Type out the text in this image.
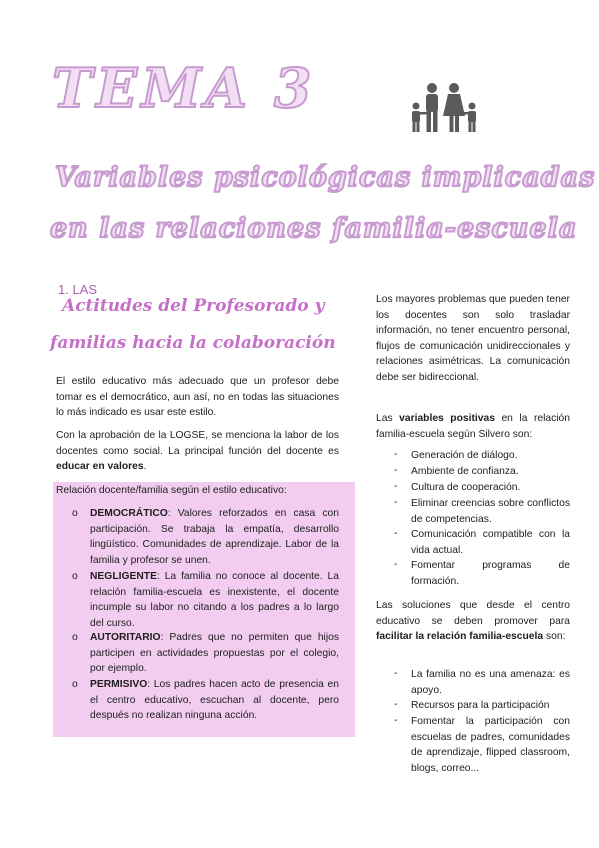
TEMA 3
Variables psicológicas implicadas
en las relaciones familia-escuela
1. LAS
Actitudes del Profesorado y
familias hacia la colaboración
El estilo educativo más adecuado que un profesor debe tomar es el democrático, aun así, no en todas las situaciones lo más indicado es usar este estilo.
Con la aprobación de la LOGSE, se menciona la labor de los docentes como social. La principal función del docente es educar en valores.
Relación docente/familia según el estilo educativo:
o DEMOCRÁTICO: Valores reforzados en casa con participación. Se trabaja la empatía, desarrollo lingüístico. Comunidades de aprendizaje. Labor de la familia y profesor se unen.
o NEGLIGENTE: La familia no conoce al docente. La relación familia-escuela es inexistente, el docente incumple su labor no citando a los padres a lo largo del curso.
o AUTORITARIO: Padres que no permiten que hijos participen en actividades propuestas por el colegio, por ejemplo.
o PERMISIVO: Los padres hacen acto de presencia en el centro educativo, escuchan al docente, pero después no realizan ninguna acción.
Los mayores problemas que pueden tener los docentes son solo trasladar información, no tener encuentro personal, flujos de comunicación unidireccionales y relaciones asimétricas. La comunicación debe ser bidireccional.
Las variables positivas en la relación familia-escuela según Silvero son:
- Generación de diálogo.
- Ambiente de confianza.
- Cultura de cooperación.
- Eliminar creencias sobre conflictos de competencias.
- Comunicación compatible con la vida actual.
- Fomentar programas de formación.
Las soluciones que desde el centro educativo se deben promover para facilitar la relación familia-escuela son:
- La familia no es una amenaza: es apoyo.
- Recursos para la participación
- Fomentar la participación con escuelas de padres, comunidades de aprendizaje, flipped classroom, blogs, correo...
